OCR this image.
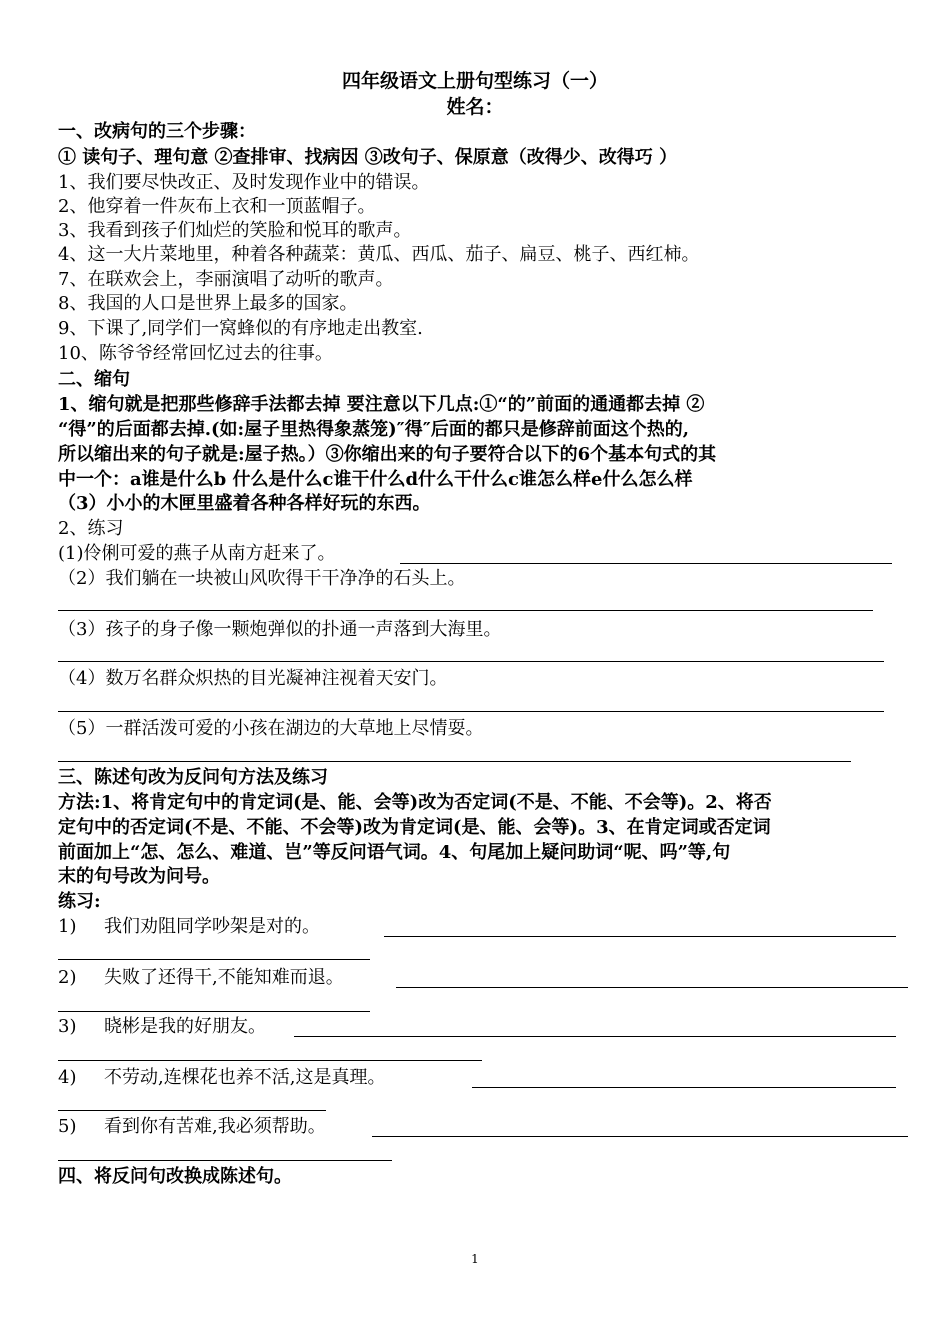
四年级语文上册句型练习（一）
姓名：
一、改病句的三个步骤：
① 读句子、理句意 ②查排审、找病因 ③改句子、保原意（改得少、改得巧 ）
1、我们要尽快改正、及时发现作业中的错误。
2、他穿着一件灰布上衣和一顶蓝帽子。
3、我看到孩子们灿烂的笑脸和悦耳的歌声。
4、这一大片菜地里，种着各种蔬菜：黄瓜、西瓜、茄子、扁豆、桃子、西红柿。
7、在联欢会上，李丽演唱了动听的歌声。
8、我国的人口是世界上最多的国家。
9、下课了,同学们一窝蜂似的有序地走出教室.
10、陈爷爷经常回忆过去的往事。
二、缩句
1、缩句就是把那些修辞手法都去掉 要注意以下几点:①“的”前面的通通都去掉 ②
“得”的后面都去掉.(如:屋子里热得象蒸笼)″得″后面的都只是修辞前面这个热的,
所以缩出来的句子就是:屋子热。）③你缩出来的句子要符合以下的6个基本句式的其
中一个：a谁是什么b 什么是什么c谁干什么d什么干什么c谁怎么样e什么怎么样
（3）小小的木匣里盛着各种各样好玩的东西。
2、练习
(1)伶俐可爱的燕子从南方赶来了。
（2）我们躺在一块被山风吹得干干净净的石头上。
（3）孩子的身子像一颗炮弹似的扑通一声落到大海里。
（4）数万名群众炽热的目光凝神注视着天安门。
（5）一群活泼可爱的小孩在湖边的大草地上尽情耍。
三、陈述句改为反问句方法及练习
方法:1、将肯定句中的肯定词(是、能、会等)改为否定词(不是、不能、不会等)。2、将否
定句中的否定词(不是、不能、不会等)改为肯定词(是、能、会等)。3、在肯定词或否定词
前面加上“怎、怎么、难道、岂”等反问语气词。4、句尾加上疑问助词“呢、吗”等,句
末的句号改为问号。
练习:
1) 我们劝阻同学吵架是对的。
2) 失败了还得干,不能知难而退。
3) 晓彬是我的好朋友。
4) 不劳动,连棵花也养不活,这是真理。
5) 看到你有苦难,我必须帮助。
四、将反问句改换成陈述句。
1
